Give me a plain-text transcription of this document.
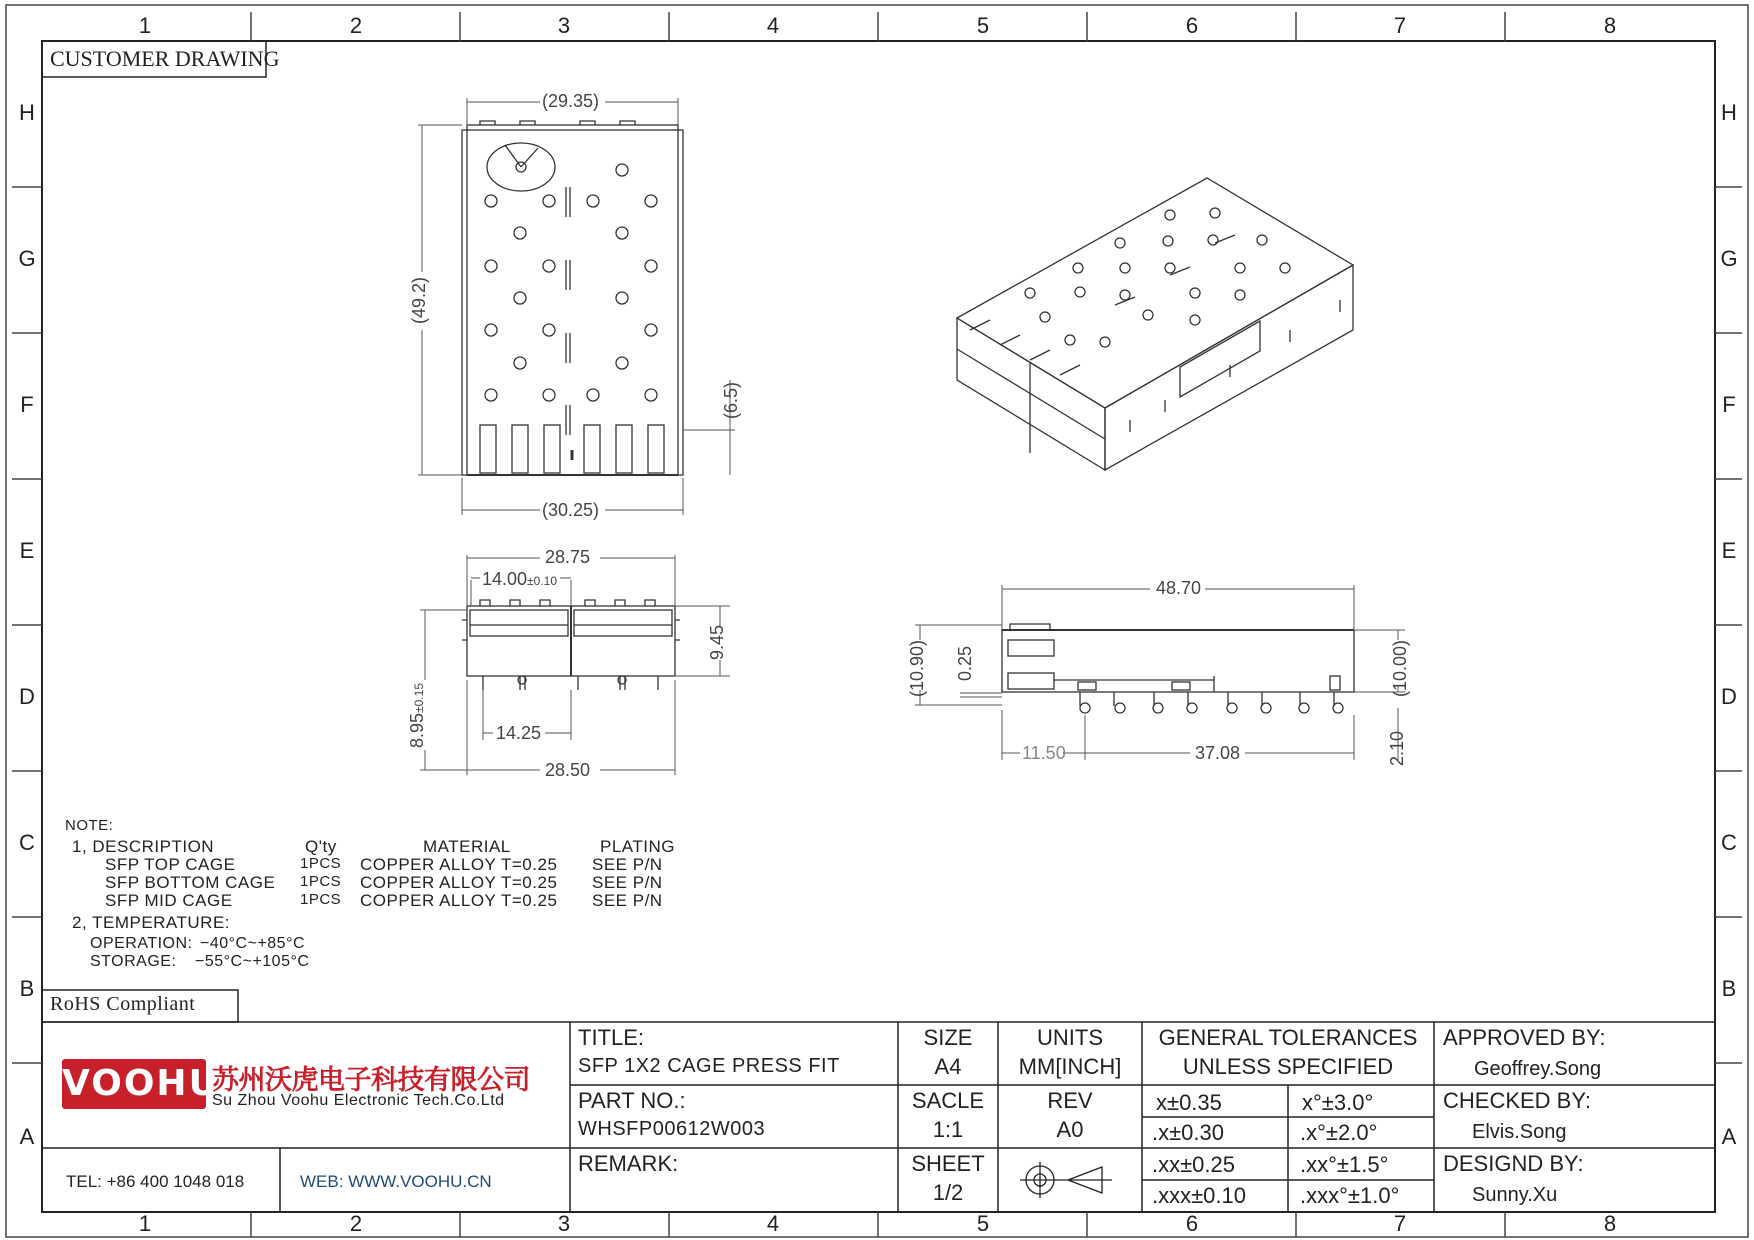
1	2	3	4	5	6	7	8
1	2	3	4	5	6	7	8
H
G
F
E
D
C
B
A
H
G
F
E
D
C
B
A
CUSTOMER DRAWING
RoHS Compliant
(29.35)
(49.2)
(6.5)
(30.25)
28.75
14.00±0.10
9.45
8.95±0.15
14.25
28.50
48.70
(10.90) 0.25	(10.00)
11.50	37.08	2.10
NOTE:
1, DESCRIPTION	Q'ty	MATERIAL	PLATING
SFP TOP CAGE	1PCS COPPER ALLOY T=0.25 SEE P/N
SFP BOTTOM CAGE 1PCS COPPER ALLOY T=0.25 SEE P/N
SFP MID CAGE	1PCS COPPER ALLOY T=0.25 SEE P/N
2, TEMPERATURE:
OPERATION: −40°C~+85°C
STORAGE: −55°C~+105°C
VOOHU
苏州沃虎电子科技有限公司
Su Zhou Voohu Electronic Tech.Co.Ltd
TEL: +86 400 1048 018	WEB: WWW.VOOHU.CN
TITLE:
SFP 1X2 CAGE PRESS FIT
PART NO.:
WHSFP00612W003
REMARK:
SIZE
A4
UNITS
MM[INCH]
SACLE
1:1
REV
A0
SHEET
1/2
GENERAL TOLERANCES
UNLESS SPECIFIED
x±0.35	x°±3.0°
.x±0.30	.x°±2.0°
.xx±0.25	.xx°±1.5°
.xxx±0.10 .xxx°±1.0°
APPROVED BY:
Geoffrey.Song
CHECKED BY:
Elvis.Song
DESIGND BY:
Sunny.Xu
